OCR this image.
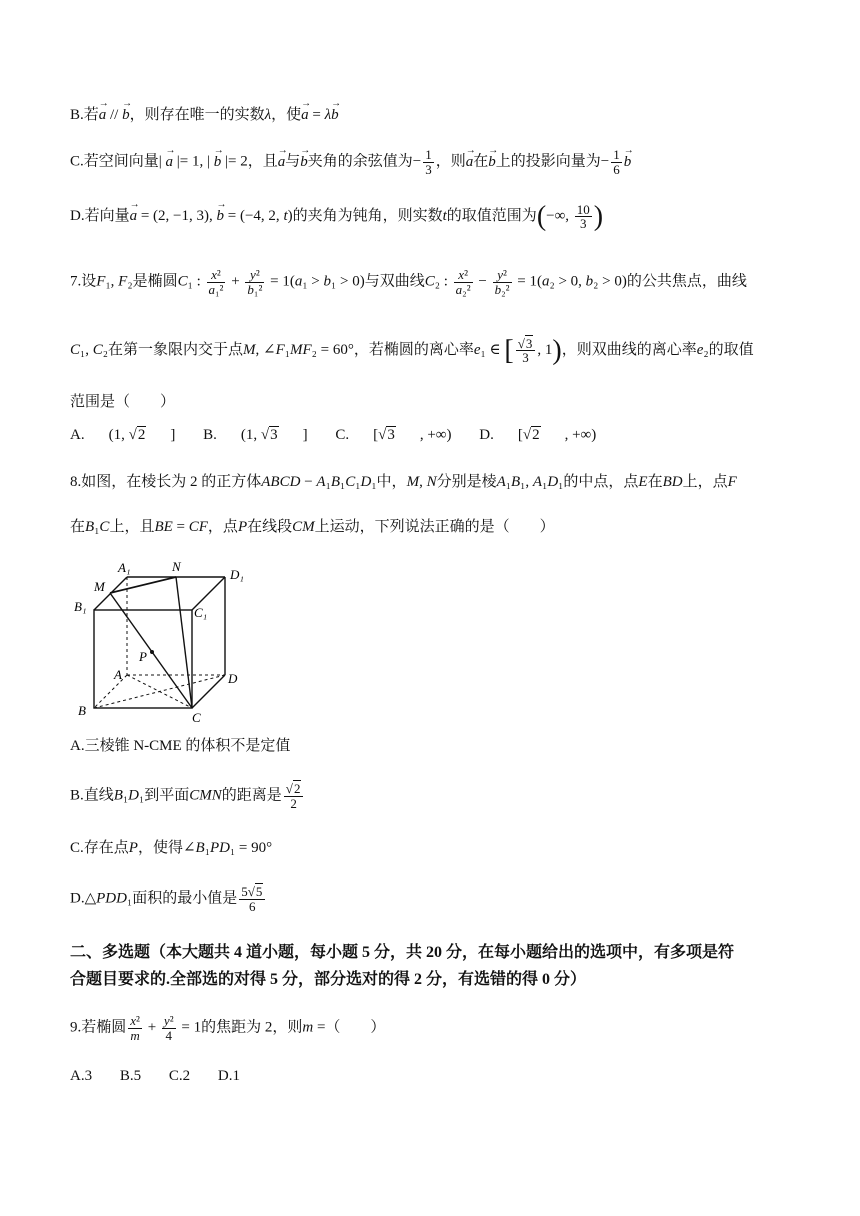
B.若→ a // → b，则存在唯一的实数λ，使→ a = λ→ b
C.若空间向量| → a |= 1, | → b |= 2，且→ a与→ b夹角的余弦值为− $\frac{1}{3}$ ，则→ a在→ b上的投影向量为− $\frac{1}{6}$
→ b
D.若向量→ a = (2, −1, 3), → b = (−4, 2, t)的夹角为钝角，则实数t的取值范围为(−∞, $\frac{10}{3}$ )
7.设F₁, F₂是椭圆C₁ : $\frac{\text{x²}}{\text{a₁²}} + \frac{\text{y²}}{\text{b₁²}} = 1(a_1 > b_1 > 0)$与双曲线C₂ : $\frac{\text{x²}}{\text{a₂²}} - \frac{\text{y²}}{\text{b₂²}} = 1(a_2 > 0$, b₂ > 0)的公共焦点，曲线
C₁, C₂在第一象限内交于点M, ∠F₁MF₂ = 60°，若椭圆的离心率e₁ ∈ [ $\frac{√3}{3}$ , 1)，则双曲线的离心率e₂的取值
范围是（　　）
A. (1, √2 ] B. (1, √3 ] C. [√3 , +∞) D. [√2 , +∞)
8.如图，在棱长为 2 的正方体ABCD − A₁B₁C₁D₁中，M, N分别是棱A₁B₁, A₁D₁的中点，点E在BD上，点F
在B₁C上，且BE = CF，点P在线段CM上运动，下列说法正确的是（　　）
A₁	N
D₁
M
B₁	C₁
P
A	D
B	C
A.三棱锥 N-CME 的体积不是定值
B.直线B₁D₁到平面CMN的距离是 $\frac{√2}{2}$
C.存在点P，使得∠B₁PD₁ = 90°
D.△PDD₁面积的最小值是 $\frac{5√5}{6}$
二、多选题（本大题共 4 道小题，每小题 5 分，共 20 分，在每小题给出的选项中，有多项是符
合题目要求的.全部选的对得 5 分，部分选对的得 2 分，有选错的得 0 分）
9.若椭圆 $\frac{\text{x²}}{m} + \frac{\text{y²}}{4} = 1$的焦距为 2，则m =（　　）
A.3 B.5 C.2 D.1
